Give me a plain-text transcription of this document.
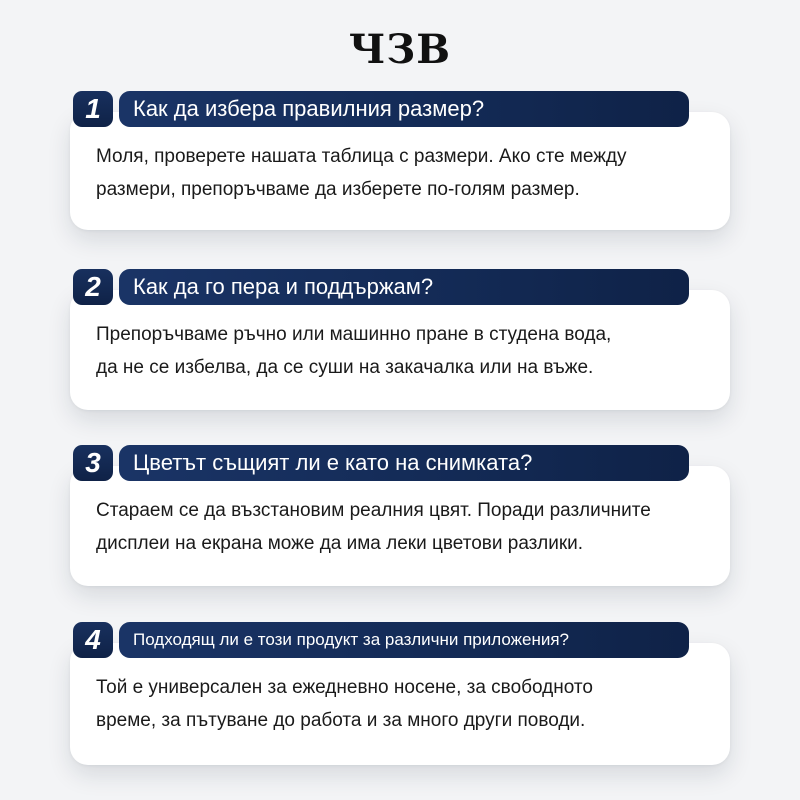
ЧЗВ

Моля, проверете нашата таблица с размери. Ако сте между
размери, препоръчваме да изберете по-голям размер.

1	Как да избера правилния размер?

Препоръчваме ръчно или машинно пране в студена вода,
да не се избелва, да се суши на закачалка или на въже.

2	Как да го пера и поддържам?

Стараем се да възстановим реалния цвят. Поради различните
дисплеи на екрана може да има леки цветови разлики.

3	Цветът същият ли е като на снимката?

Той е универсален за ежедневно носене, за свободното
време, за пътуване до работа и за много други поводи.

4	Подходящ ли е този продукт за различни приложения?
